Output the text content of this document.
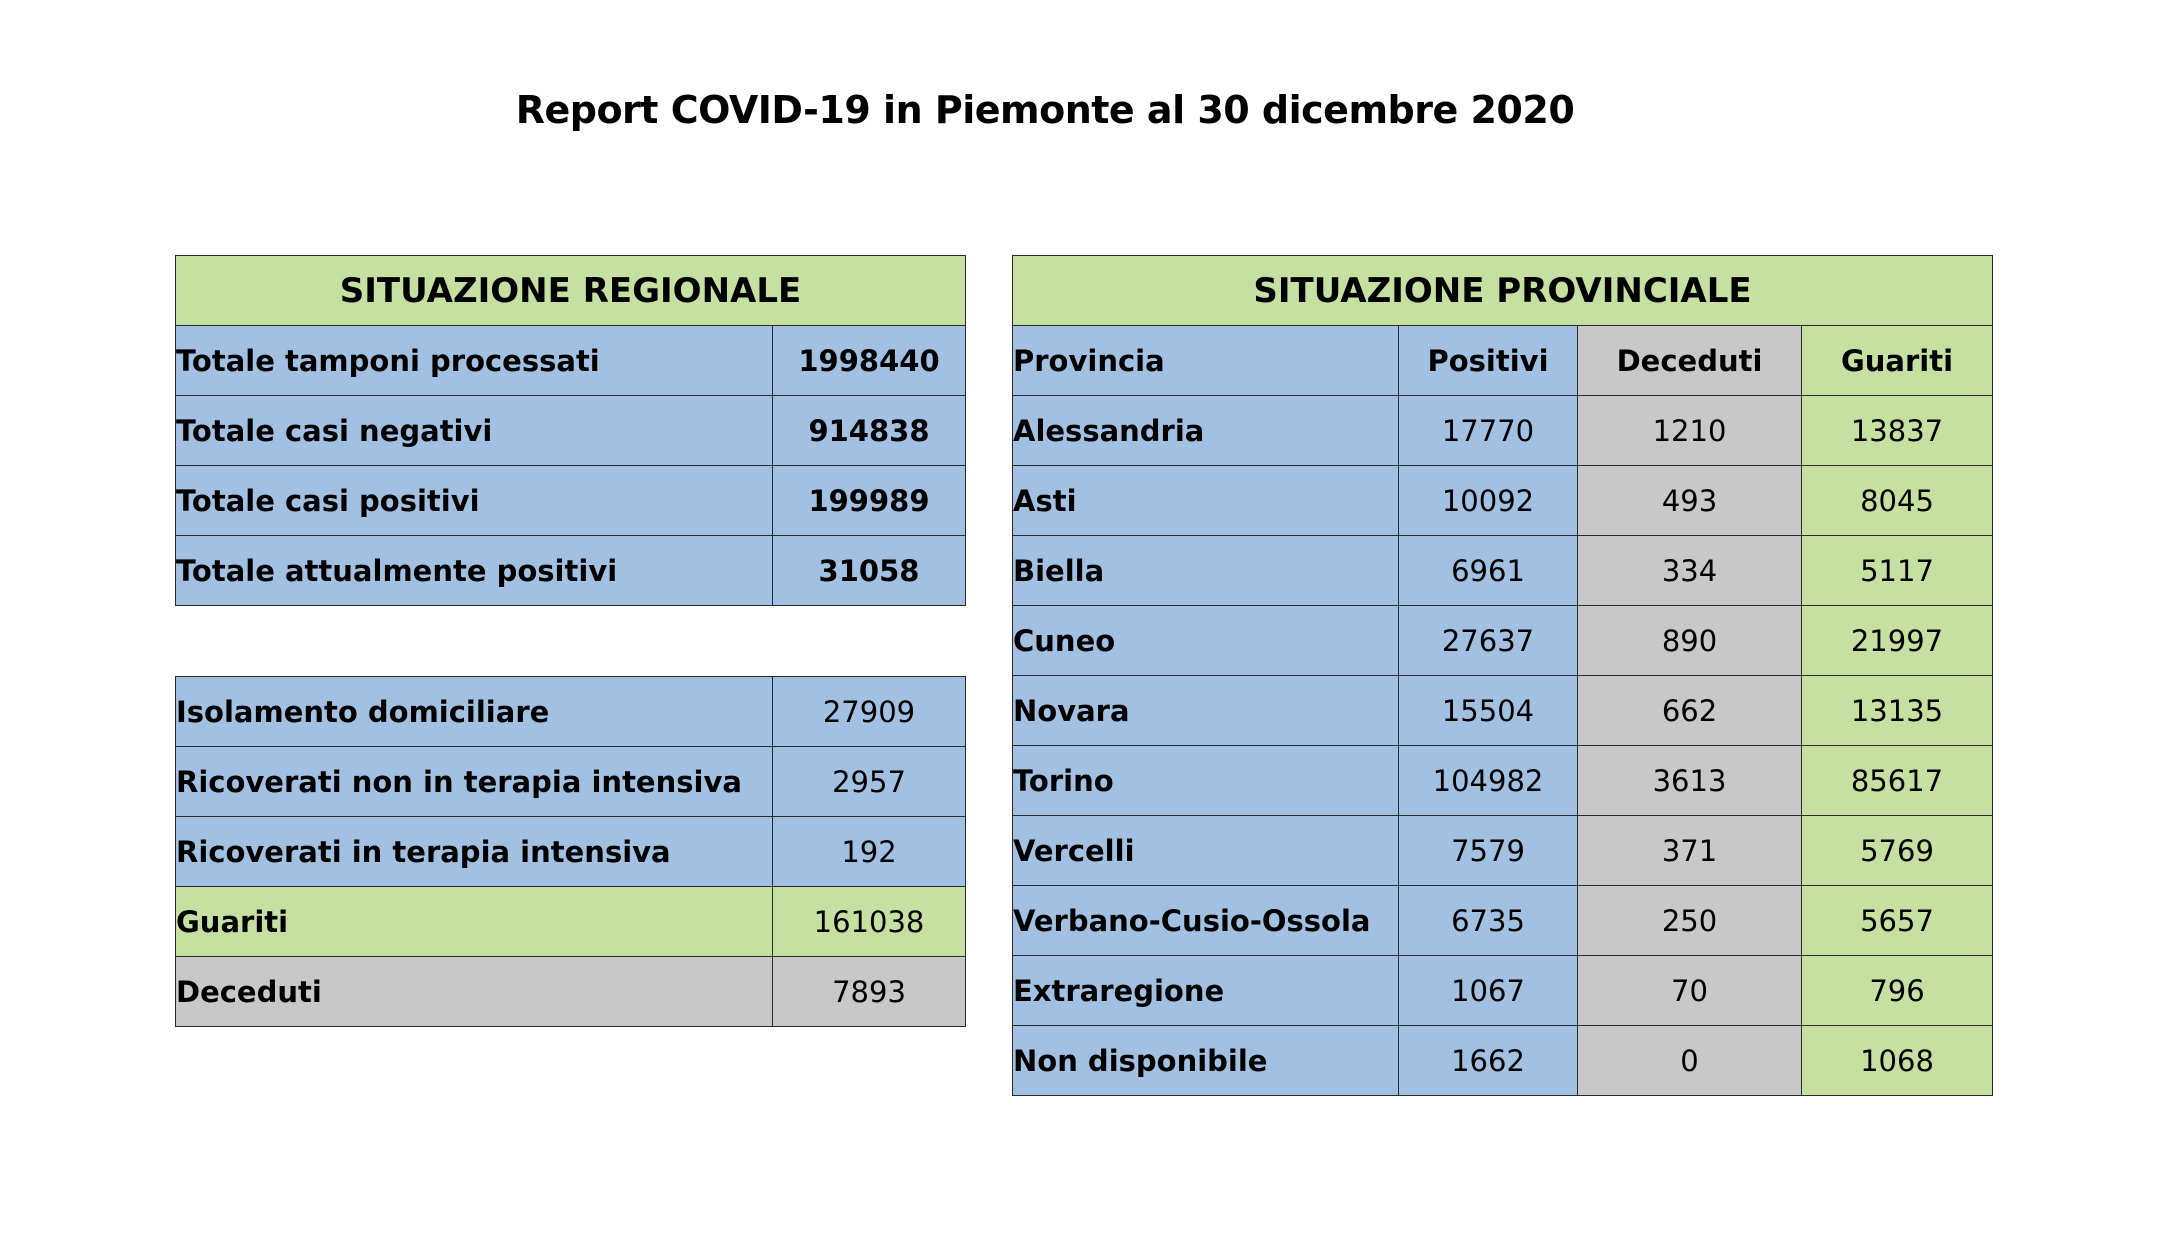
Report COVID-19 in Piemonte al 30 dicembre 2020
SITUAZIONE REGIONALE	
Totale tamponi processati	1998440
Totale casi negativi	914838
Totale casi positivi	199989
Totale attualmente positivi	31058
Isolamento domiciliare	27909
Ricoverati non in terapia intensiva	2957
Ricoverati in terapia intensiva	192
Guariti	161038
Deceduti	7893
SITUAZIONE PROVINCIALE			
Provincia	Positivi	Deceduti	Guariti
Alessandria	17770	1210	13837
Asti	10092	493	8045
Biella	6961	334	5117
Cuneo	27637	890	21997
Novara	15504	662	13135
Torino	104982	3613	85617
Vercelli	7579	371	5769
Verbano-Cusio-Ossola	6735	250	5657
Extraregione	1067	70	796
Non disponibile	1662	0	1068
